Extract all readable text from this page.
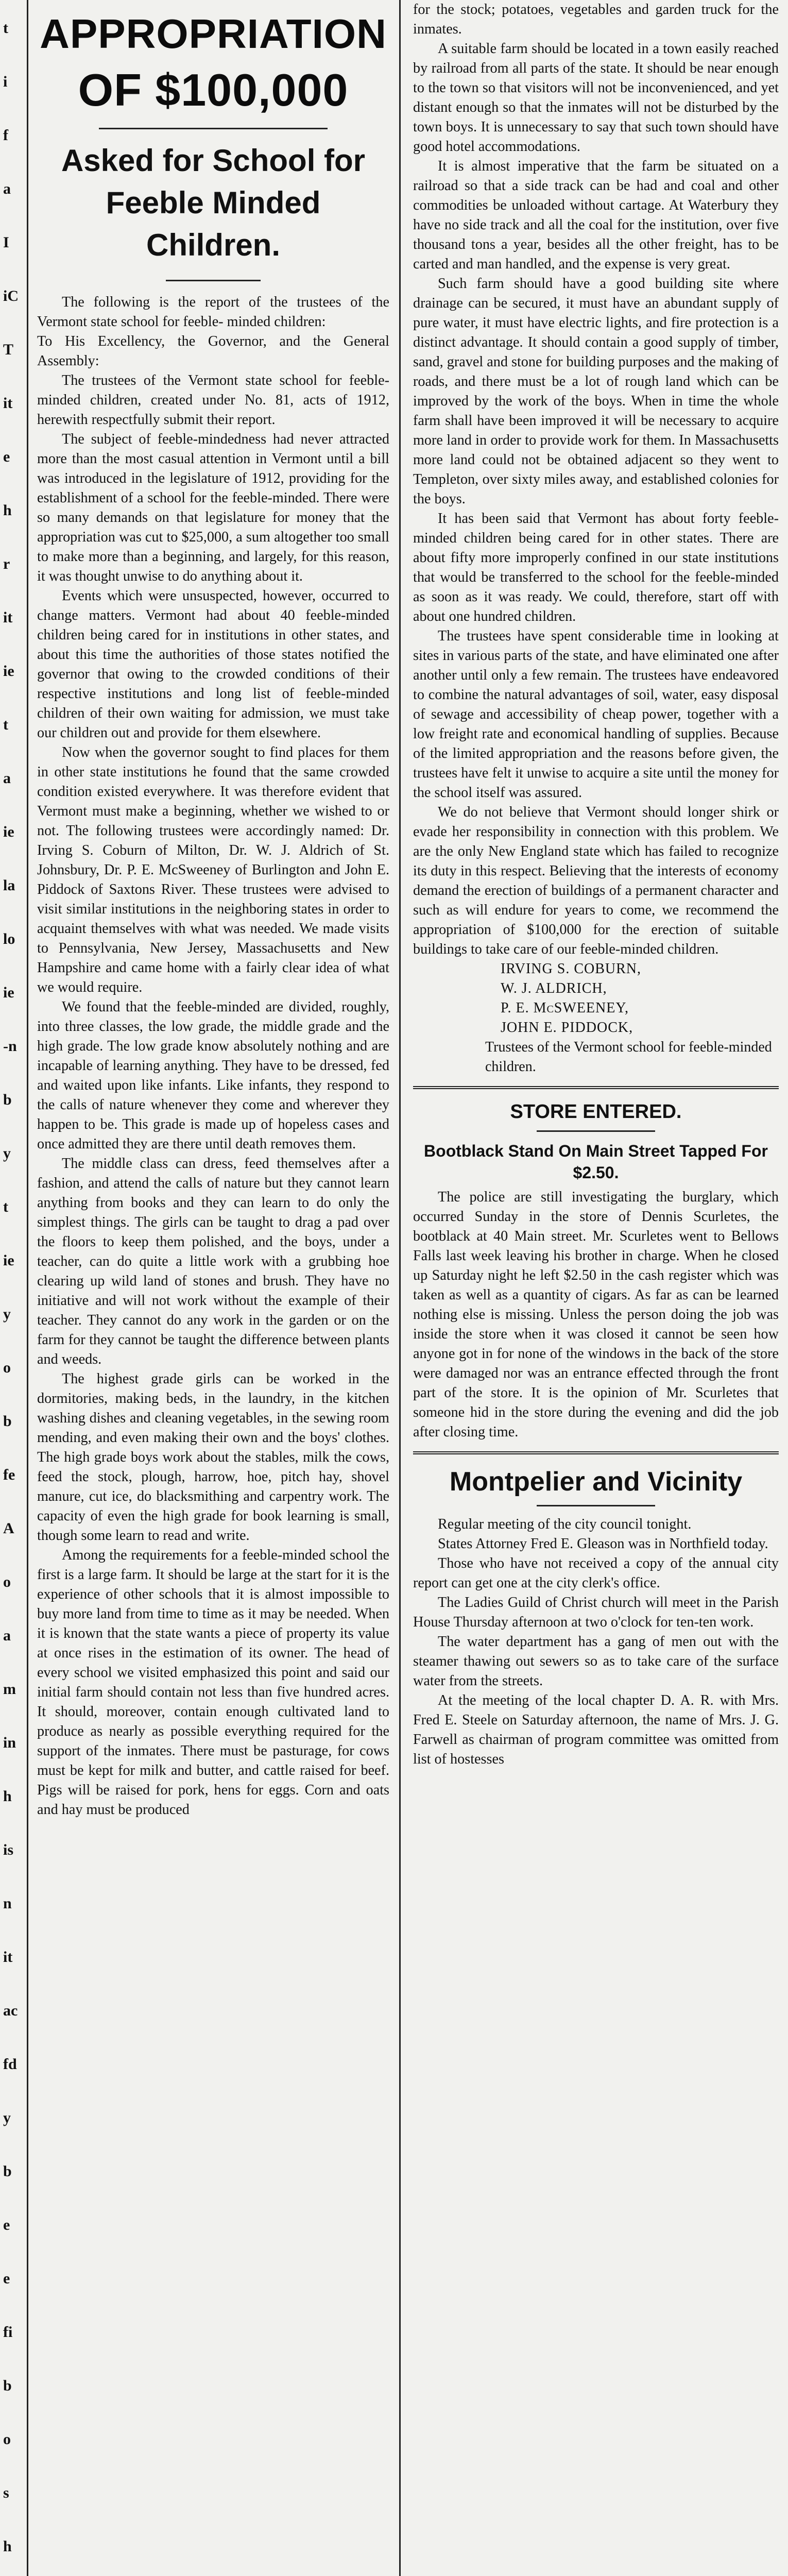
t
i
f
a
I
iC
T
it
e
h
r
it
ie
t
a
ie
la
lo
ie
-n
b
y
t
ie
y
o
b
fe
A
o
a
m
in
h
is
n
it
ac
fd
y
b
e
e
fi
b
o
s
h
APPROPRIATION
OF $100,000
Asked for School for Feeble Minded Children.

The following is the report of the trustees of the Vermont state school for feeble- minded children:

To His Excellency, the Governor, and the General Assembly:

The trustees of the Vermont state school for feeble-minded children, created under No. 81, acts of 1912, herewith respectfully submit their report.

The subject of feeble-mindedness had never attracted more than the most casual attention in Vermont until a bill was introduced in the legislature of 1912, providing for the establishment of a school for the feeble-minded. There were so many demands on that legislature for money that the appropriation was cut to $25,000, a sum altogether too small to make more than a beginning, and largely, for this reason, it was thought unwise to do anything about it.

Events which were unsuspected, however, occurred to change matters. Vermont had about 40 feeble-minded children being cared for in institutions in other states, and about this time the authorities of those states notified the governor that owing to the crowded conditions of their respective institutions and long list of feeble-minded children of their own waiting for admission, we must take our children out and provide for them elsewhere.

Now when the governor sought to find places for them in other state institutions he found that the same crowded condition existed everywhere. It was therefore evident that Vermont must make a beginning, whether we wished to or not. The following trustees were accordingly named: Dr. Irving S. Coburn of Milton, Dr. W. J. Aldrich of St. Johnsbury, Dr. P. E. McSweeney of Burlington and John E. Piddock of Saxtons River. These trustees were advised to visit similar institutions in the neighboring states in order to acquaint themselves with what was needed. We made visits to Pennsylvania, New Jersey, Massachusetts and New Hampshire and came home with a fairly clear idea of what we would require.

We found that the feeble-minded are divided, roughly, into three classes, the low grade, the middle grade and the high grade. The low grade know absolutely nothing and are incapable of learning anything. They have to be dressed, fed and waited upon like infants. Like infants, they respond to the calls of nature whenever they come and wherever they happen to be. This grade is made up of hopeless cases and once admitted they are there until death removes them.

The middle class can dress, feed themselves after a fashion, and attend the calls of nature but they cannot learn anything from books and they can learn to do only the simplest things. The girls can be taught to drag a pad over the floors to keep them polished, and the boys, under a teacher, can do quite a little work with a grubbing hoe clearing up wild land of stones and brush. They have no initiative and will not work without the example of their teacher. They cannot do any work in the garden or on the farm for they cannot be taught the difference between plants and weeds.

The highest grade girls can be worked in the dormitories, making beds, in the laundry, in the kitchen washing dishes and cleaning vegetables, in the sewing room mending, and even making their own and the boys' clothes. The high grade boys work about the stables, milk the cows, feed the stock, plough, harrow, hoe, pitch hay, shovel manure, cut ice, do blacksmithing and carpentry work. The capacity of even the high grade for book learning is small, though some learn to read and write.

Among the requirements for a feeble-minded school the first is a large farm. It should be large at the start for it is the experience of other schools that it is almost impossible to buy more land from time to time as it may be needed. When it is known that the state wants a piece of property its value at once rises in the estimation of its owner. The head of every school we visited emphasized this point and said our initial farm should contain not less than five hundred acres. It should, moreover, contain enough cultivated land to produce as nearly as possible everything required for the support of the inmates. There must be pasturage, for cows must be kept for milk and butter, and cattle raised for beef. Pigs will be raised for pork, hens for eggs. Corn and oats and hay must be produced

for the stock; potatoes, vegetables and garden truck for the inmates.

A suitable farm should be located in a town easily reached by railroad from all parts of the state. It should be near enough to the town so that visitors will not be inconvenienced, and yet distant enough so that the inmates will not be disturbed by the town boys. It is unnecessary to say that such town should have good hotel accommodations.

It is almost imperative that the farm be situated on a railroad so that a side track can be had and coal and other commodities be unloaded without cartage. At Waterbury they have no side track and all the coal for the institution, over five thousand tons a year, besides all the other freight, has to be carted and man handled, and the expense is very great.

Such farm should have a good building site where drainage can be secured, it must have an abundant supply of pure water, it must have electric lights, and fire protection is a distinct advantage. It should contain a good supply of timber, sand, gravel and stone for building purposes and the making of roads, and there must be a lot of rough land which can be improved by the work of the boys. When in time the whole farm shall have been improved it will be necessary to acquire more land in order to provide work for them. In Massachusetts more land could not be obtained adjacent so they went to Templeton, over sixty miles away, and established colonies for the boys.

It has been said that Vermont has about forty feeble-minded children being cared for in other states. There are about fifty more improperly confined in our state institutions that would be transferred to the school for the feeble-minded as soon as it was ready. We could, therefore, start off with about one hundred children.

The trustees have spent considerable time in looking at sites in various parts of the state, and have eliminated one after another until only a few remain. The trustees have endeavored to combine the natural advantages of soil, water, easy disposal of sewage and accessibility of cheap power, together with a low freight rate and economical handling of supplies. Because of the limited appropriation and the reasons before given, the trustees have felt it unwise to acquire a site until the money for the school itself was assured.

We do not believe that Vermont should longer shirk or evade her responsibility in connection with this problem. We are the only New England state which has failed to recognize its duty in this respect. Believing that the interests of economy demand the erection of buildings of a permanent character and such as will endure for years to come, we recommend the appropriation of $100,000 for the erection of suitable buildings to take care of our feeble-minded children.

IRVING S. COBURN,

W. J. ALDRICH,

P. E. McSWEENEY,

JOHN E. PIDDOCK,

Trustees of the Vermont school for feeble-minded children.

STORE ENTERED.
Bootblack Stand On Main Street Tapped For $2.50.

The police are still investigating the burglary, which occurred Sunday in the store of Dennis Scurletes, the bootblack at 40 Main street. Mr. Scurletes went to Bellows Falls last week leaving his brother in charge. When he closed up Saturday night he left $2.50 in the cash register which was taken as well as a quantity of cigars. As far as can be learned nothing else is missing. Unless the person doing the job was inside the store when it was closed it cannot be seen how anyone got in for none of the windows in the back of the store were damaged nor was an entrance effected through the front part of the store. It is the opinion of Mr. Scurletes that someone hid in the store during the evening and did the job after closing time.

Montpelier and Vicinity

Regular meeting of the city council tonight.

States Attorney Fred E. Gleason was in Northfield today.

Those who have not received a copy of the annual city report can get one at the city clerk's office.

The Ladies Guild of Christ church will meet in the Parish House Thursday afternoon at two o'clock for ten-ten work.

The water department has a gang of men out with the steamer thawing out sewers so as to take care of the surface water from the streets.

At the meeting of the local chapter D. A. R. with Mrs. Fred E. Steele on Saturday afternoon, the name of Mrs. J. G. Farwell as chairman of program committee was omitted from list of hostesses
